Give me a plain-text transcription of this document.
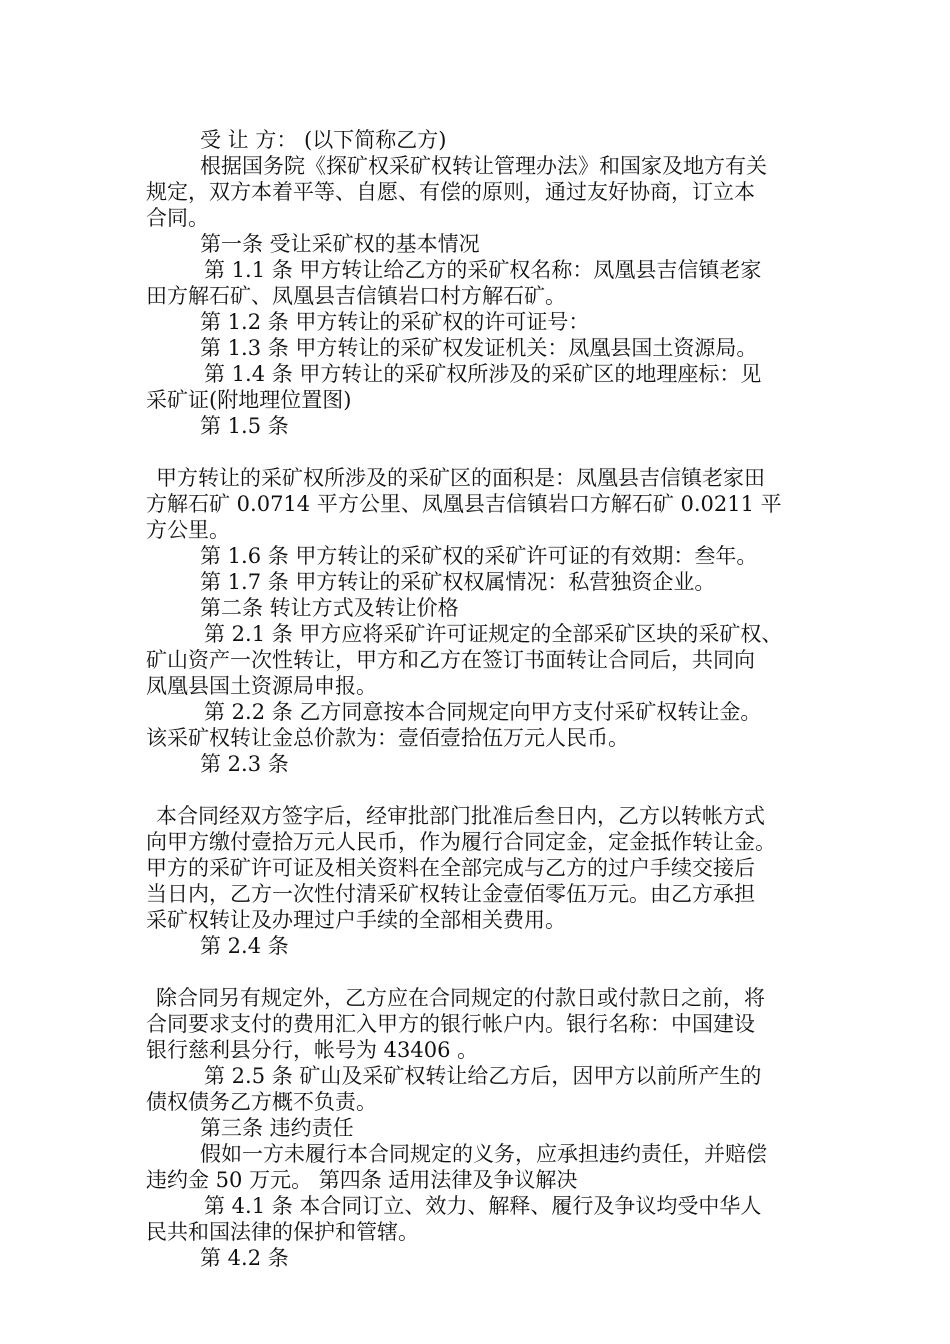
受 让 方： (以下简称乙方)
根据国务院《探矿权采矿权转让管理办法》和国家及地方有关
规定，双方本着平等、自愿、有偿的原则，通过友好协商，订立本
合同。
第一条 受让采矿权的基本情况
第 1.1 条 甲方转让给乙方的采矿权名称：凤凰县吉信镇老家
田方解石矿、凤凰县吉信镇岩口村方解石矿。
第 1.2 条 甲方转让的采矿权的许可证号：
第 1.3 条 甲方转让的采矿权发证机关：凤凰县国土资源局。
第 1.4 条 甲方转让的采矿权所涉及的采矿区的地理座标：见
采矿证(附地理位置图)
第 1.5 条
甲方转让的采矿权所涉及的采矿区的面积是：凤凰县吉信镇老家田
方解石矿 0.0714 平方公里、凤凰县吉信镇岩口方解石矿 0.0211 平
方公里。
第 1.6 条 甲方转让的采矿权的采矿许可证的有效期：叁年。
第 1.7 条 甲方转让的采矿权权属情况：私营独资企业。
第二条 转让方式及转让价格
第 2.1 条 甲方应将采矿许可证规定的全部采矿区块的采矿权、
矿山资产一次性转让，甲方和乙方在签订书面转让合同后，共同向
凤凰县国土资源局申报。
第 2.2 条 乙方同意按本合同规定向甲方支付采矿权转让金。
该采矿权转让金总价款为：壹佰壹拾伍万元人民币。
第 2.3 条
本合同经双方签字后，经审批部门批准后叁日内，乙方以转帐方式
向甲方缴付壹拾万元人民币，作为履行合同定金，定金抵作转让金。
甲方的采矿许可证及相关资料在全部完成与乙方的过户手续交接后
当日内，乙方一次性付清采矿权转让金壹佰零伍万元。由乙方承担
采矿权转让及办理过户手续的全部相关费用。
第 2.4 条
除合同另有规定外，乙方应在合同规定的付款日或付款日之前，将
合同要求支付的费用汇入甲方的银行帐户内。银行名称：中国建设
银行慈利县分行，帐号为 43406 。
第 2.5 条 矿山及采矿权转让给乙方后，因甲方以前所产生的
债权债务乙方概不负责。
第三条 违约责任
假如一方未履行本合同规定的义务，应承担违约责任，并赔偿
违约金 50 万元。 第四条 适用法律及争议解决
第 4.1 条 本合同订立、效力、解释、履行及争议均受中华人
民共和国法律的保护和管辖。
第 4.2 条
